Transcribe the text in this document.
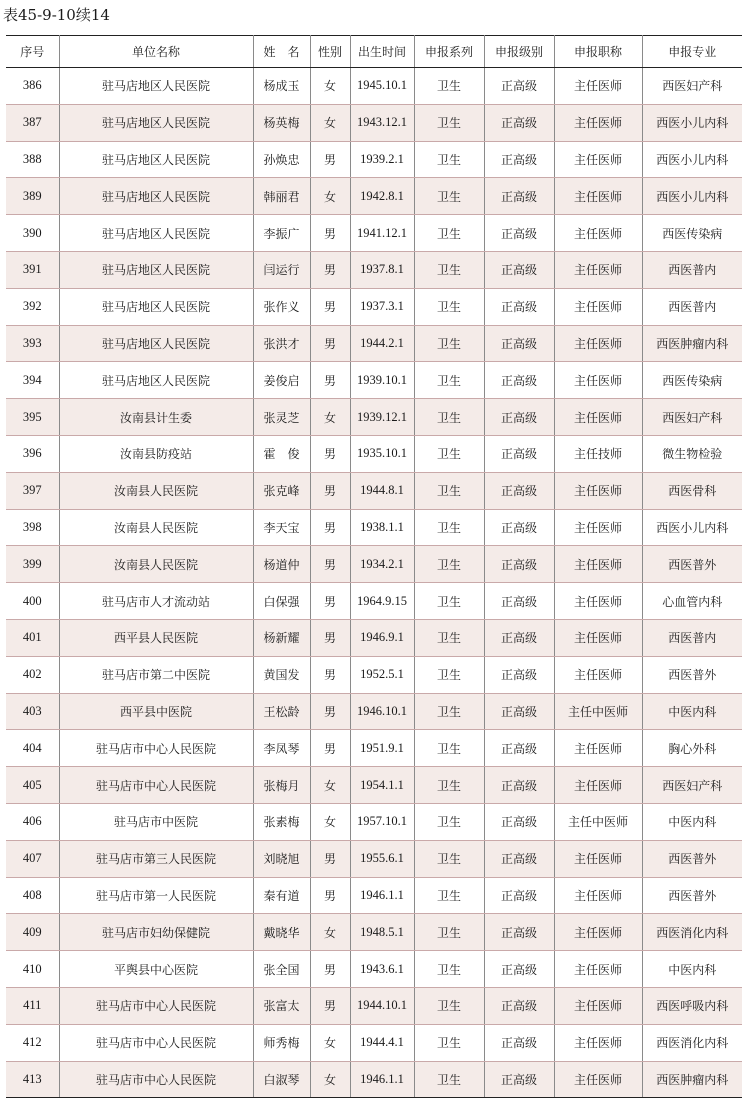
表45-9-10续14
序号	单位名称	姓　名	性别	出生时间	申报系列	申报级别	申报职称	申报专业
386	驻马店地区人民医院	杨成玉	女	1945.10.1	卫生	正高级	主任医师	西医妇产科
387	驻马店地区人民医院	杨英梅	女	1943.12.1	卫生	正高级	主任医师	西医小儿内科
388	驻马店地区人民医院	孙焕忠	男	1939.2.1	卫生	正高级	主任医师	西医小儿内科
389	驻马店地区人民医院	韩丽君	女	1942.8.1	卫生	正高级	主任医师	西医小儿内科
390	驻马店地区人民医院	李振广	男	1941.12.1	卫生	正高级	主任医师	西医传染病
391	驻马店地区人民医院	闫运行	男	1937.8.1	卫生	正高级	主任医师	西医普内
392	驻马店地区人民医院	张作义	男	1937.3.1	卫生	正高级	主任医师	西医普内
393	驻马店地区人民医院	张洪才	男	1944.2.1	卫生	正高级	主任医师	西医肿瘤内科
394	驻马店地区人民医院	姜俊启	男	1939.10.1	卫生	正高级	主任医师	西医传染病
395	汝南县计生委	张灵芝	女	1939.12.1	卫生	正高级	主任医师	西医妇产科
396	汝南县防疫站	霍　俊	男	1935.10.1	卫生	正高级	主任技师	微生物检验
397	汝南县人民医院	张克峰	男	1944.8.1	卫生	正高级	主任医师	西医骨科
398	汝南县人民医院	李天宝	男	1938.1.1	卫生	正高级	主任医师	西医小儿内科
399	汝南县人民医院	杨道仲	男	1934.2.1	卫生	正高级	主任医师	西医普外
400	驻马店市人才流动站	白保强	男	1964.9.15	卫生	正高级	主任医师	心血管内科
401	西平县人民医院	杨新耀	男	1946.9.1	卫生	正高级	主任医师	西医普内
402	驻马店市第二中医院	黄国发	男	1952.5.1	卫生	正高级	主任医师	西医普外
403	西平县中医院	王松龄	男	1946.10.1	卫生	正高级	主任中医师	中医内科
404	驻马店市中心人民医院	李凤琴	男	1951.9.1	卫生	正高级	主任医师	胸心外科
405	驻马店市中心人民医院	张梅月	女	1954.1.1	卫生	正高级	主任医师	西医妇产科
406	驻马店市中医院	张素梅	女	1957.10.1	卫生	正高级	主任中医师	中医内科
407	驻马店市第三人民医院	刘晓旭	男	1955.6.1	卫生	正高级	主任医师	西医普外
408	驻马店市第一人民医院	秦有道	男	1946.1.1	卫生	正高级	主任医师	西医普外
409	驻马店市妇幼保健院	戴晓华	女	1948.5.1	卫生	正高级	主任医师	西医消化内科
410	平舆县中心医院	张全国	男	1943.6.1	卫生	正高级	主任医师	中医内科
411	驻马店市中心人民医院	张富太	男	1944.10.1	卫生	正高级	主任医师	西医呼吸内科
412	驻马店市中心人民医院	师秀梅	女	1944.4.1	卫生	正高级	主任医师	西医消化内科
413	驻马店市中心人民医院	白淑琴	女	1946.1.1	卫生	正高级	主任医师	西医肿瘤内科
